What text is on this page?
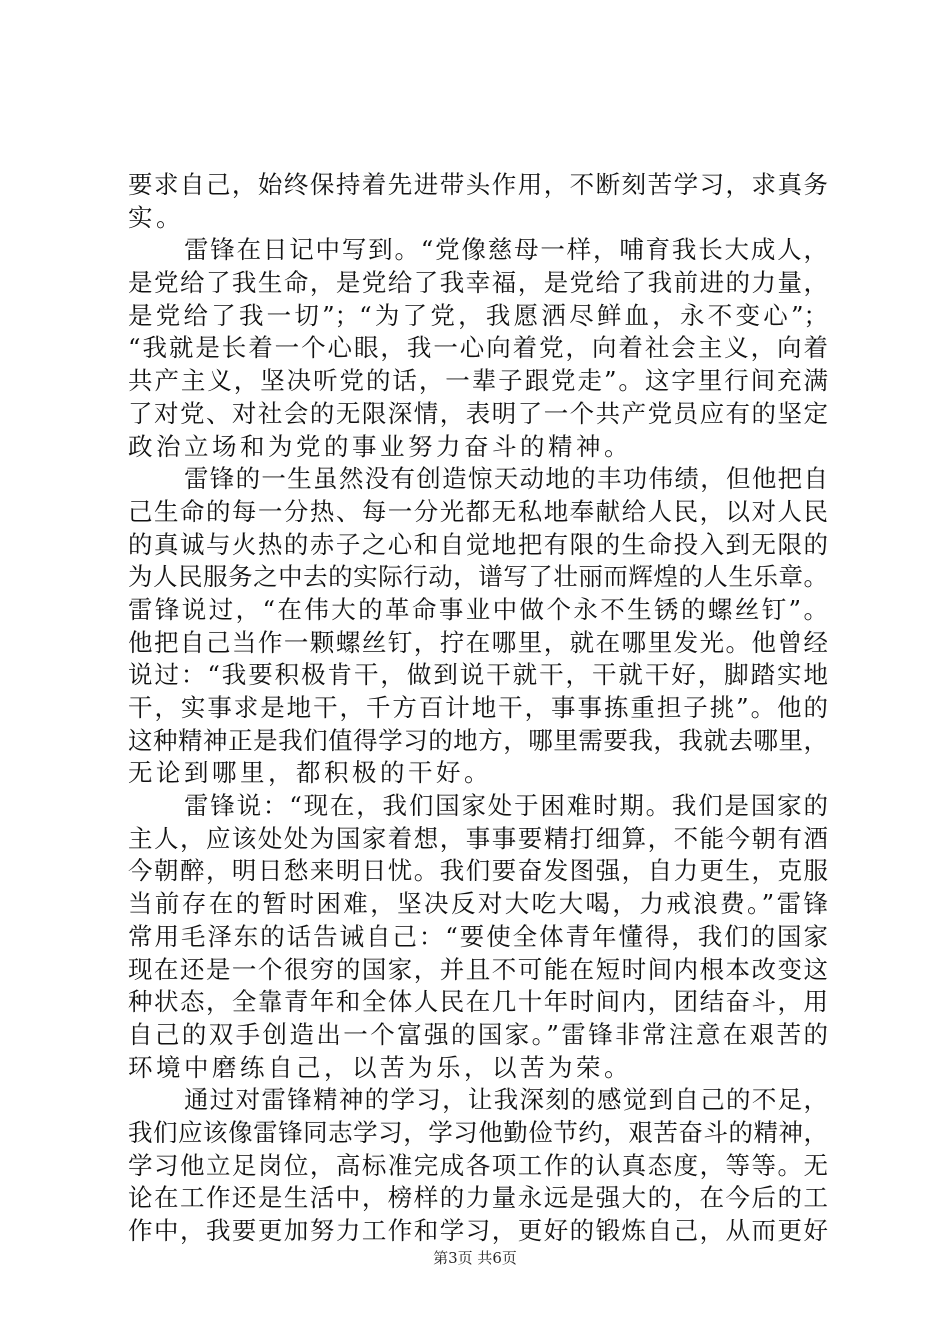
要求自己，始终保持着先进带头作用，不断刻苦学习，求真务
实。
雷锋在日记中写到。“党像慈母一样，哺育我长大成人，
是党给了我生命，是党给了我幸福，是党给了我前进的力量，
是党给了我一切”；“为了党，我愿洒尽鲜血，永不变心”；
“我就是长着一个心眼，我一心向着党，向着社会主义，向着
共产主义，坚决听党的话，一辈子跟党走”。这字里行间充满
了对党、对社会的无限深情，表明了一个共产党员应有的坚定
政治立场和为党的事业努力奋斗的精神。
雷锋的一生虽然没有创造惊天动地的丰功伟绩，但他把自
己生命的每一分热、每一分光都无私地奉献给人民，以对人民
的真诚与火热的赤子之心和自觉地把有限的生命投入到无限的
为人民服务之中去的实际行动，谱写了壮丽而辉煌的人生乐章。
雷锋说过，“在伟大的革命事业中做个永不生锈的螺丝钉”。
他把自己当作一颗螺丝钉，拧在哪里，就在哪里发光。他曾经
说过：“我要积极肯干，做到说干就干，干就干好，脚踏实地
干，实事求是地干，千方百计地干，事事拣重担子挑”。他的
这种精神正是我们值得学习的地方，哪里需要我，我就去哪里，
无论到哪里，都积极的干好。
雷锋说：“现在，我们国家处于困难时期。我们是国家的
主人，应该处处为国家着想，事事要精打细算，不能今朝有酒
今朝醉，明日愁来明日忧。我们要奋发图强，自力更生，克服
当前存在的暂时困难，坚决反对大吃大喝，力戒浪费。”雷锋
常用毛泽东的话告诫自己：“要使全体青年懂得，我们的国家
现在还是一个很穷的国家，并且不可能在短时间内根本改变这
种状态，全靠青年和全体人民在几十年时间内，团结奋斗，用
自己的双手创造出一个富强的国家。”雷锋非常注意在艰苦的
环境中磨练自己，以苦为乐，以苦为荣。
通过对雷锋精神的学习，让我深刻的感觉到自己的不足，
我们应该像雷锋同志学习，学习他勤俭节约，艰苦奋斗的精神，
学习他立足岗位，高标准完成各项工作的认真态度，等等。无
论在工作还是生活中，榜样的力量永远是强大的，在今后的工
作中，我要更加努力工作和学习，更好的锻炼自己，从而更好
第3页 共6页
